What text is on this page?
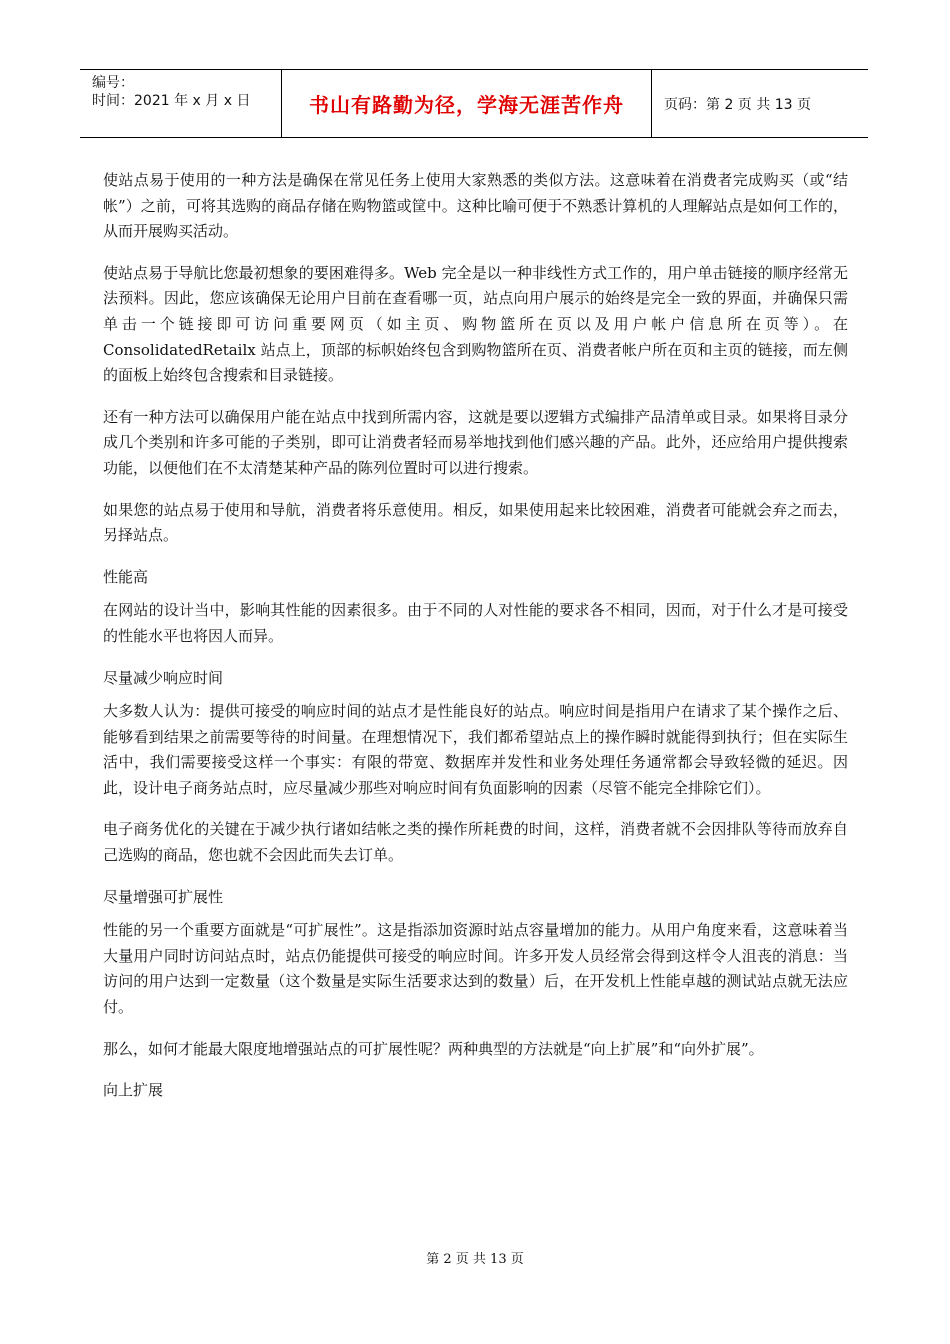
编号：
时间：2021 年 x 月 x 日	书山有路勤为径，学海无涯苦作舟	页码：第 2 页 共 13 页

使站点易于使用的一种方法是确保在常见任务上使用大家熟悉的类似方法。这意味着在消费者完成购买（或“结帐”）之前，可将其选购的商品存储在购物篮或筐中。这种比喻可便于不熟悉计算机的人理解站点是如何工作的，从而开展购买活动。

使站点易于导航比您最初想象的要困难得多。Web 完全是以一种非线性方式工作的，用户单击链接的顺序经常无法预料。因此，您应该确保无论用户目前在查看哪一页，站点向用户展示的始终是完全一致的界面，并确保只需单击一个链接即可访问重要网页（如主页、购物篮所在页以及用户帐户信息所在页等）。在 ConsolidatedRetailx 站点上，顶部的标帜始终包含到购物篮所在页、消费者帐户所在页和主页的链接，而左侧的面板上始终包含搜索和目录链接。

还有一种方法可以确保用户能在站点中找到所需内容，这就是要以逻辑方式编排产品清单或目录。如果将目录分成几个类别和许多可能的子类别，即可让消费者轻而易举地找到他们感兴趣的产品。此外，还应给用户提供搜索功能，以便他们在不太清楚某种产品的陈列位置时可以进行搜索。

如果您的站点易于使用和导航，消费者将乐意使用。相反，如果使用起来比较困难，消费者可能就会弃之而去，另择站点。

性能高

在网站的设计当中，影响其性能的因素很多。由于不同的人对性能的要求各不相同，因而，对于什么才是可接受的性能水平也将因人而异。

尽量减少响应时间

大多数人认为：提供可接受的响应时间的站点才是性能良好的站点。响应时间是指用户在请求了某个操作之后、能够看到结果之前需要等待的时间量。在理想情况下，我们都希望站点上的操作瞬时就能得到执行；但在实际生活中，我们需要接受这样一个事实：有限的带宽、数据库并发性和业务处理任务通常都会导致轻微的延迟。因此，设计电子商务站点时，应尽量减少那些对响应时间有负面影响的因素（尽管不能完全排除它们）。

电子商务优化的关键在于减少执行诸如结帐之类的操作所耗费的时间，这样，消费者就不会因排队等待而放弃自己选购的商品，您也就不会因此而失去订单。

尽量增强可扩展性

性能的另一个重要方面就是“可扩展性”。这是指添加资源时站点容量增加的能力。从用户角度来看，这意味着当大量用户同时访问站点时，站点仍能提供可接受的响应时间。许多开发人员经常会得到这样令人沮丧的消息：当访问的用户达到一定数量（这个数量是实际生活要求达到的数量）后，在开发机上性能卓越的测试站点就无法应付。

那么，如何才能最大限度地增强站点的可扩展性呢？两种典型的方法就是“向上扩展”和“向外扩展”。

向上扩展

第 2 页 共 13 页
